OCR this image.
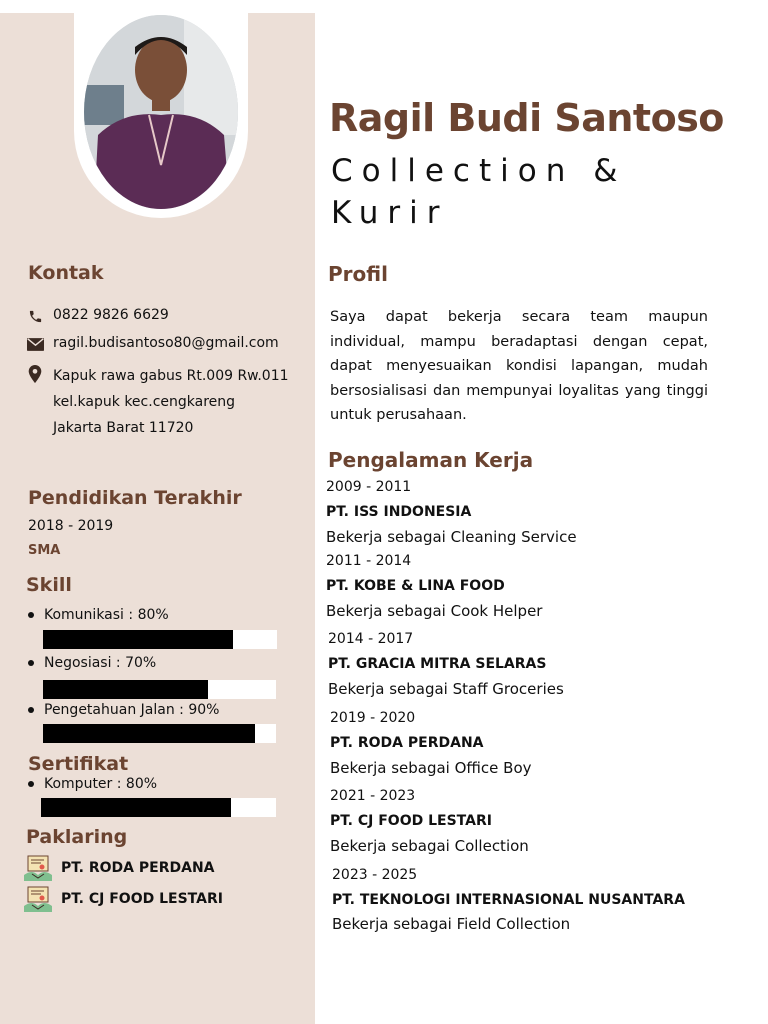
Kontak
0822 9826 6629
ragil.budisantoso80@gmail.com
Kapuk rawa gabus Rt.009 Rw.011
kel.kapuk kec.cengkareng
Jakarta Barat 11720
Pendidikan Terakhir
2018 - 2019
SMA
Skill
Komunikasi : 80%
Negosiasi : 70%
Pengetahuan Jalan : 90%
Sertifikat
Komputer : 80%
Paklaring
PT. RODA PERDANA
PT. CJ FOOD LESTARI
Ragil Budi Santoso
Collection & Kurir
Profil
Saya dapat bekerja secara team maupun individual, mampu beradaptasi dengan cepat, dapat menyesuaikan kondisi lapangan, mudah bersosialisasi dan mempunyai loyalitas yang tinggi untuk perusahaan.
Pengalaman Kerja
2009 - 2011
PT. ISS INDONESIA
Bekerja sebagai Cleaning Service
2011 - 2014
PT. KOBE & LINA FOOD
Bekerja sebagai Cook Helper
2014 - 2017
PT. GRACIA MITRA SELARAS
Bekerja sebagai Staff Groceries
2019 - 2020
PT. RODA PERDANA
Bekerja sebagai Office Boy
2021 - 2023
PT. CJ FOOD LESTARI
Bekerja sebagai Collection
2023 - 2025
PT. TEKNOLOGI INTERNASIONAL NUSANTARA
Bekerja sebagai Field Collection
